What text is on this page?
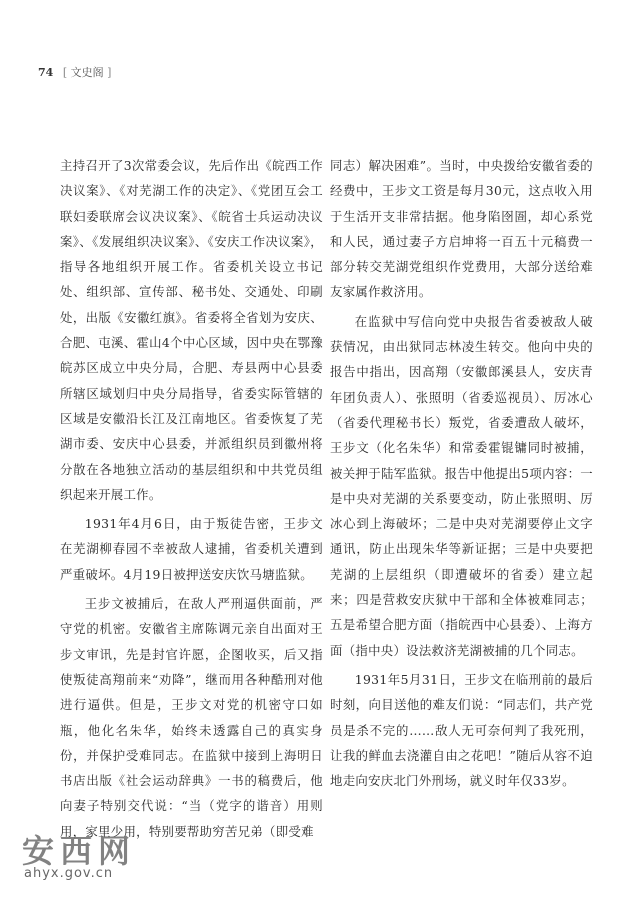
74 [ 文史阁 ]

主持召开了3次常委会议，先后作出《皖西工作决议案》、《对芜湖工作的决定》、《党团互会工联妇委联席会议决议案》、《皖省士兵运动决议案》、《发展组织决议案》、《安庆工作决议案》，指导各地组织开展工作。省委机关设立书记处、组织部、宣传部、秘书处、交通处、印刷处，出版《安徽红旗》。省委将全省划为安庆、合肥、屯溪、霍山4个中心区域，因中央在鄂豫皖苏区成立中央分局，合肥、寿县两中心县委所辖区域划归中央分局指导，省委实际管辖的区域是安徽沿长江及江南地区。省委恢复了芜湖市委、安庆中心县委，并派组织员到徽州将分散在各地独立活动的基层组织和中共党员组织起来开展工作。

1931年4月6日，由于叛徒告密，王步文在芜湖柳春园不幸被敌人逮捕，省委机关遭到严重破坏。4月19日被押送安庆饮马塘监狱。

王步文被捕后，在敌人严刑逼供面前，严守党的机密。安徽省主席陈调元亲自出面对王步文审讯，先是封官许愿，企图收买，后又指使叛徒高翔前来“劝降”，继而用各种酷刑对他进行逼供。但是，王步文对党的机密守口如瓶，他化名朱华，始终未透露自己的真实身份，并保护受难同志。在监狱中接到上海明日书店出版《社会运动辞典》一书的稿费后，他向妻子特别交代说：“当（党字的谐音）用则用，家里少用，特别要帮助穷苦兄弟（即受难

同志）解决困难”。当时，中央拨给安徽省委的经费中，王步文工资是每月30元，这点收入用于生活开支非常拮据。他身陷囹圄，却心系党和人民，通过妻子方启坤将一百五十元稿费一部分转交芜湖党组织作党费用，大部分送给难友家属作救济用。

在监狱中写信向党中央报告省委被敌人破获情况，由出狱同志林凌生转交。他向中央的报告中指出，因高翔（安徽郎溪县人，安庆青年团负责人）、张照明（省委巡视员）、厉冰心（省委代理秘书长）叛党，省委遭敌人破坏，王步文（化名朱华）和常委霍锟镛同时被捕，被关押于陆军监狱。报告中他提出5项内容：一是中央对芜湖的关系要变动，防止张照明、厉冰心到上海破坏；二是中央对芜湖要停止文字通讯，防止出现朱华等新证据；三是中央要把芜湖的上层组织（即遭破坏的省委）建立起来；四是营救安庆狱中干部和全体被难同志；五是希望合肥方面（指皖西中心县委）、上海方面（指中央）设法救济芜湖被捕的几个同志。

1931年5月31日，王步文在临刑前的最后时刻，向目送他的难友们说：“同志们，共产党员是杀不完的……敌人无可奈何判了我死刑，让我的鲜血去浇灌自由之花吧！”随后从容不迫地走向安庆北门外刑场，就义时年仅33岁。

安西网
ahyx.gov.cn
